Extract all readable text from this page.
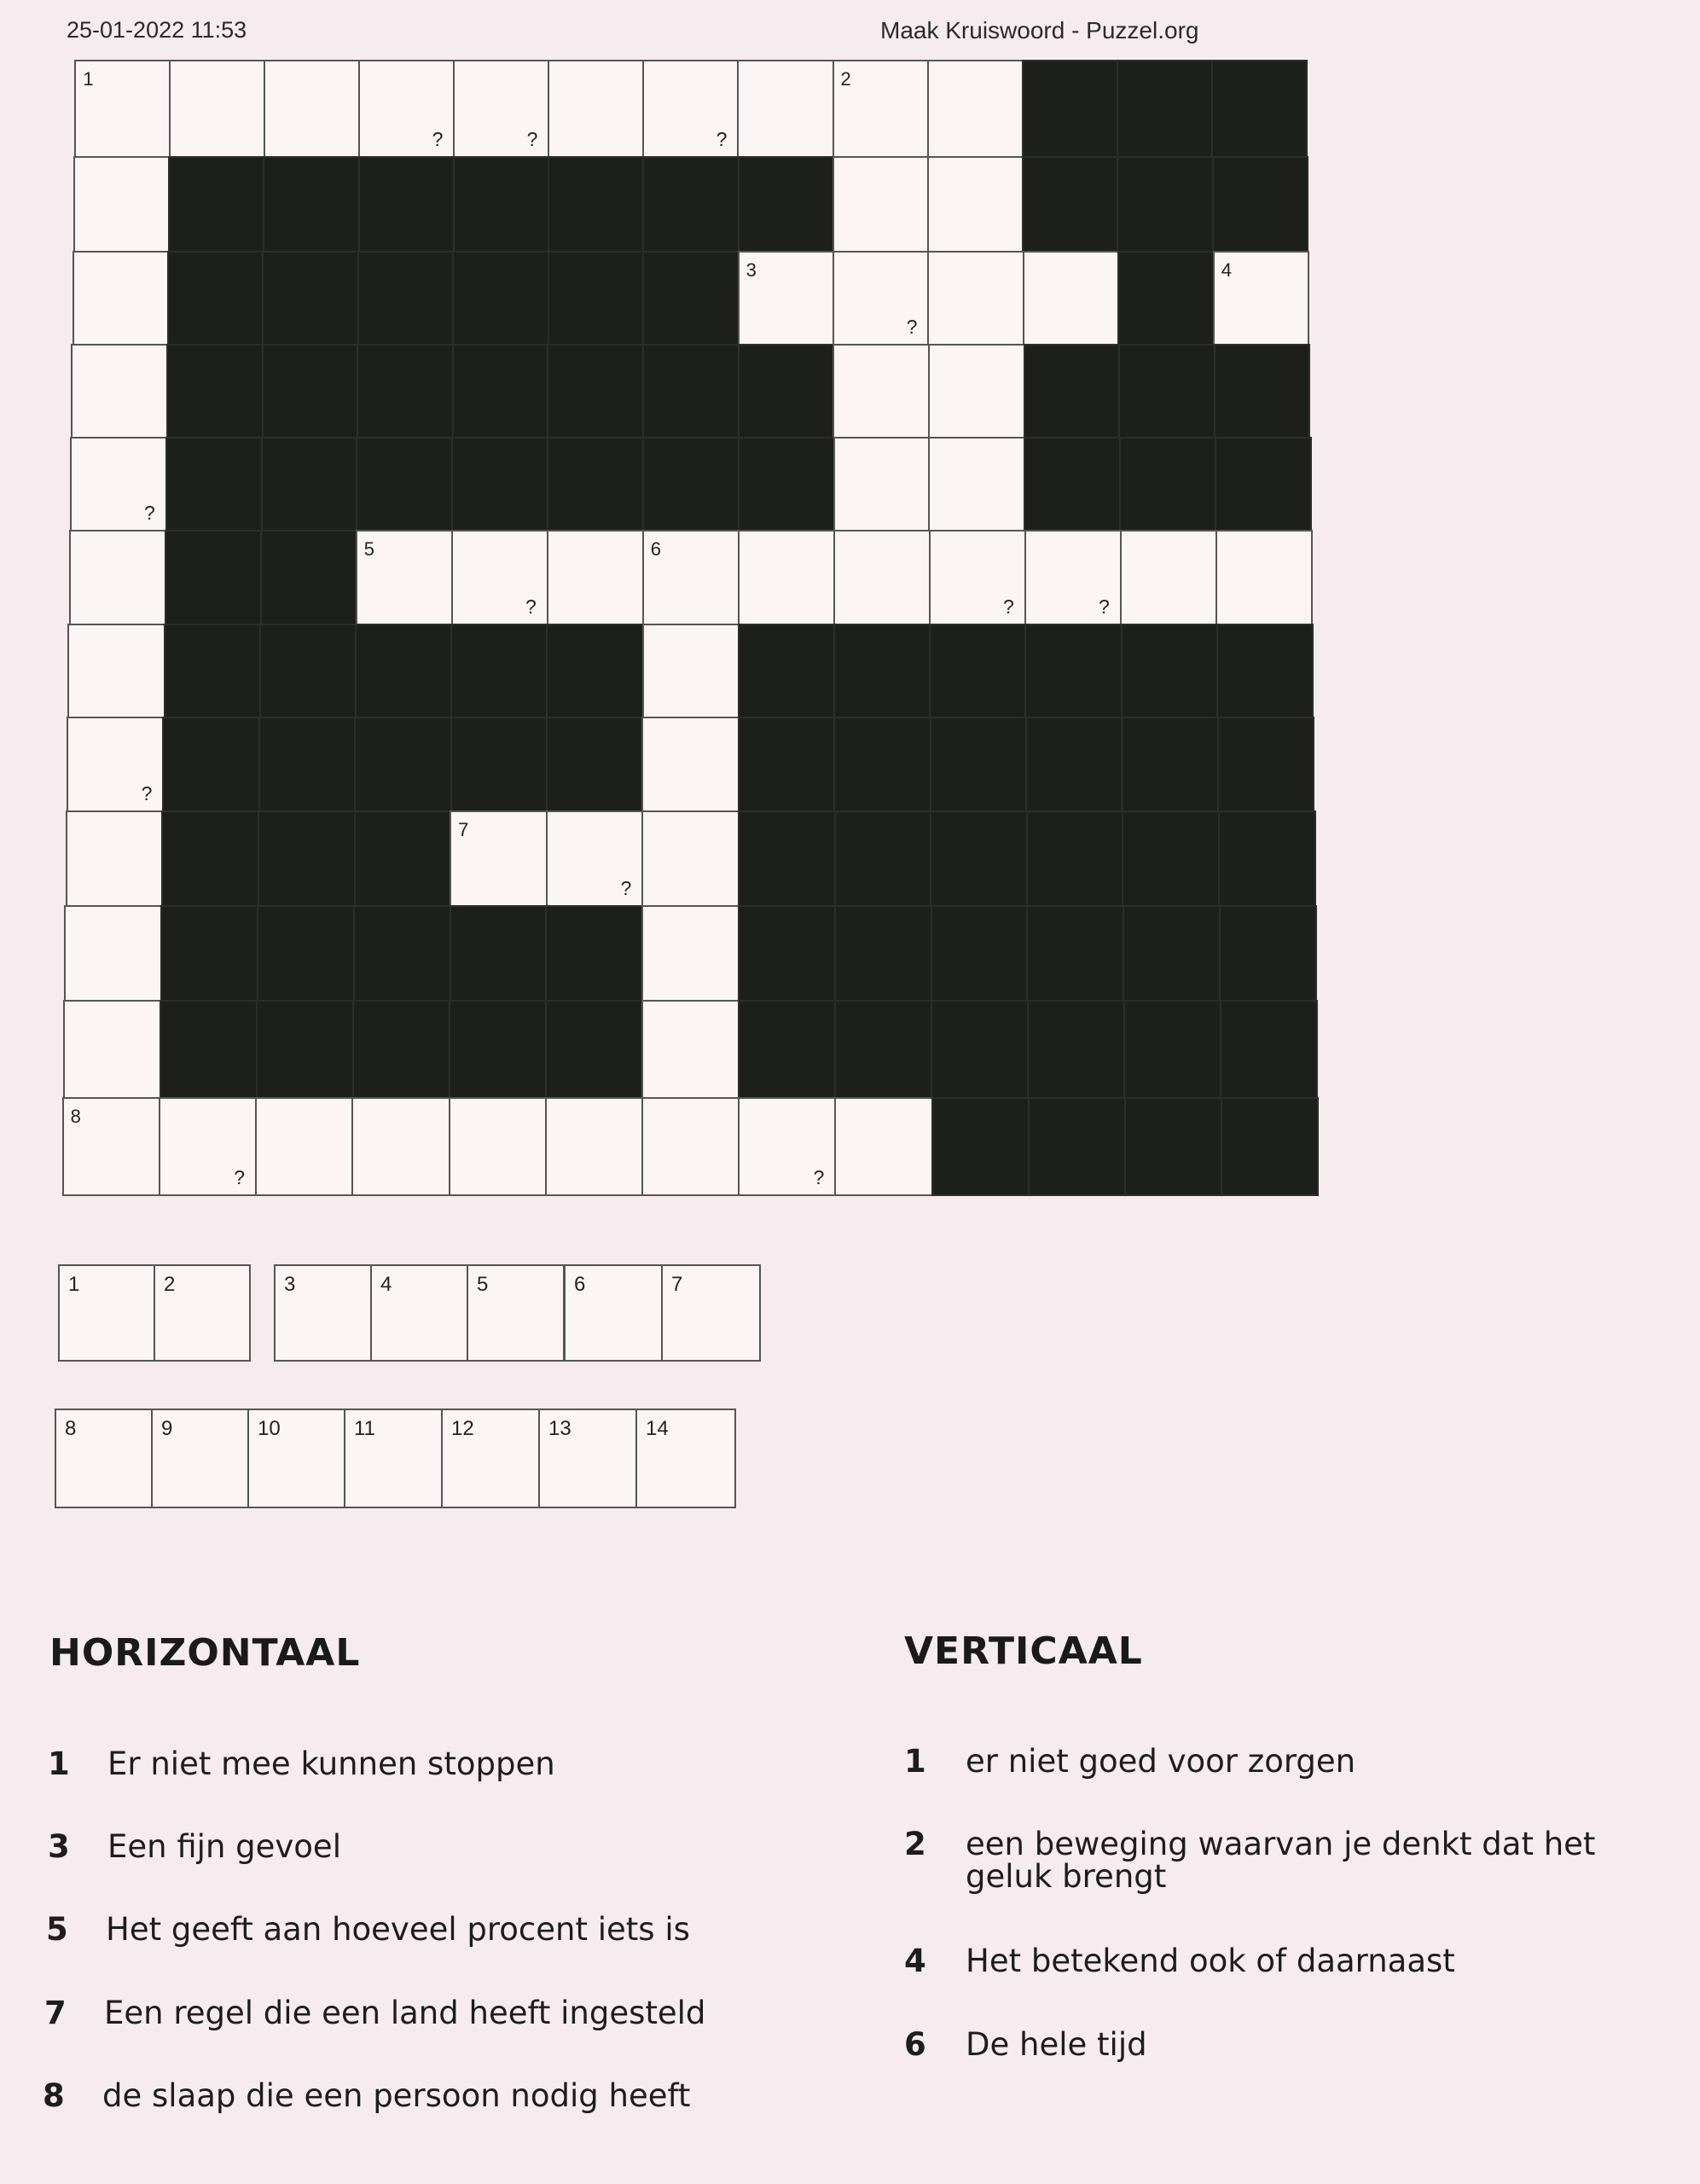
25-01-2022 11:53	Maak Kruiswoord - Puzzel.org
1
?	?	?
2
3
?
4
?
5
?
6
?	?
?
7
?
8
?	?
1	2	3	4	5	6	7
8	9	10	11	12	13	14
HORIZONTAAL	VERTICAAL
1 Er niet mee kunnen stoppen
3 Een fijn gevoel
5 Het geeft aan hoeveel procent iets is
7 Een regel die een land heeft ingesteld
8 de slaap die een persoon nodig heeft
1 er niet goed voor zorgen
2 een beweging waarvan je denkt dat het
geluk brengt
4 Het betekend ook of daarnaast
6 De hele tijd
